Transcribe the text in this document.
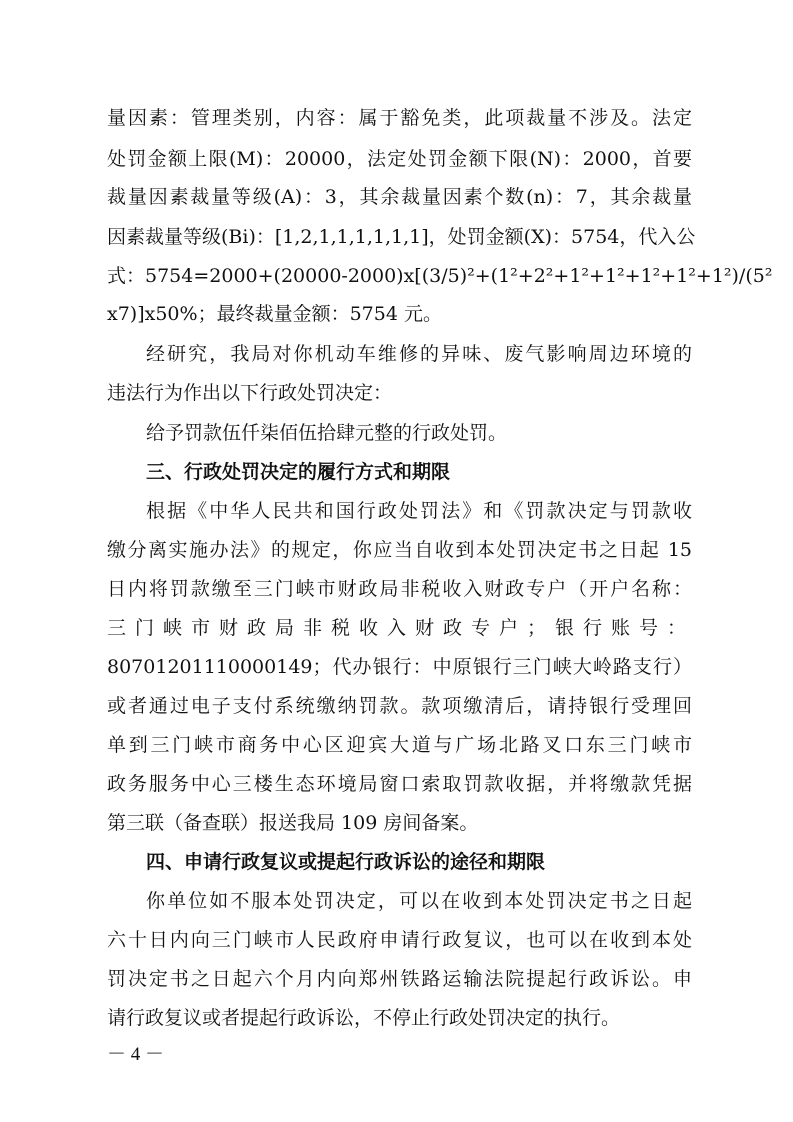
量因素：管理类别，内容：属于豁免类，此项裁量不涉及。法定
处罚金额上限(M)：20000，法定处罚金额下限(N)：2000，首要
裁量因素裁量等级(A)：3，其余裁量因素个数(n)：7，其余裁量
因素裁量等级(Bi)：[1,2,1,1,1,1,1,1]，处罚金额(X)：5754，代入公
式：5754=2000+(20000-2000)x[(3/5)²+(1²+2²+1²+1²+1²+1²+1²)/(5²
x7)]x50%；最终裁量金额：5754 元。
经研究，我局对你机动车维修的异味、废气影响周边环境的
违法行为作出以下行政处罚决定：
给予罚款伍仟柒佰伍拾肆元整的行政处罚。
三、行政处罚决定的履行方式和期限
根据《中华人民共和国行政处罚法》和《罚款决定与罚款收
缴分离实施办法》的规定，你应当自收到本处罚决定书之日起 15
日内将罚款缴至三门峡市财政局非税收入财政专户（开户名称：
三门峡市财政局非税收入财政专户；银行账号：
80701201110000149；代办银行：中原银行三门峡大岭路支行）
或者通过电子支付系统缴纳罚款。款项缴清后，请持银行受理回
单到三门峡市商务中心区迎宾大道与广场北路叉口东三门峡市
政务服务中心三楼生态环境局窗口索取罚款收据，并将缴款凭据
第三联（备查联）报送我局 109 房间备案。
四、申请行政复议或提起行政诉讼的途径和期限
你单位如不服本处罚决定，可以在收到本处罚决定书之日起
六十日内向三门峡市人民政府申请行政复议，也可以在收到本处
罚决定书之日起六个月内向郑州铁路运输法院提起行政诉讼。申
请行政复议或者提起行政诉讼，不停止行政处罚决定的执行。
－ 4 －
